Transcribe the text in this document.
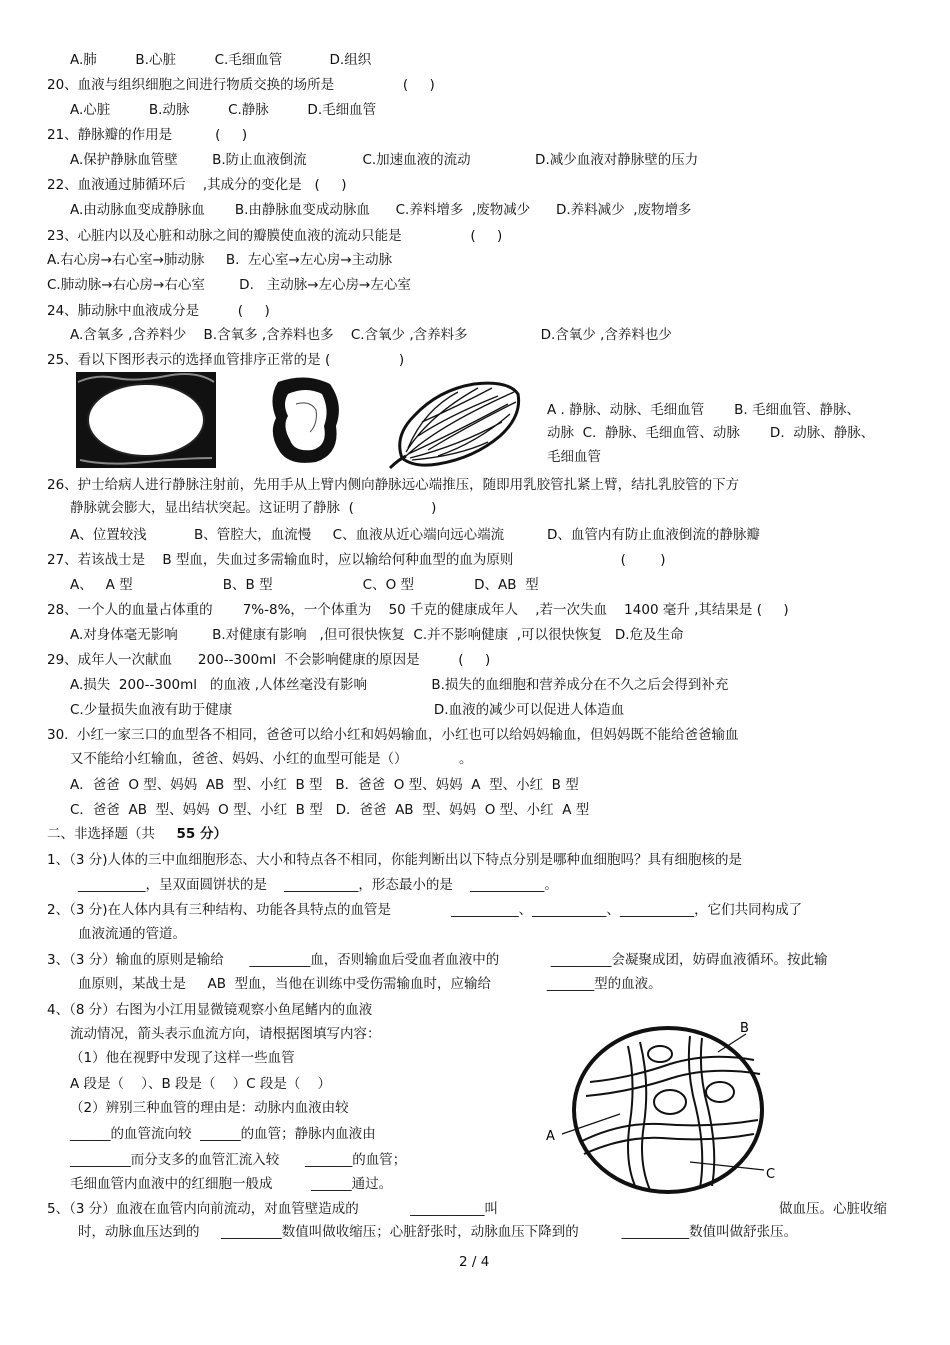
A.肺         B.心脏         C.毛细血管           D.组织
20、血液与组织细胞之间进行物质交换的场所是                (     )
A.心脏         B.动脉         C.静脉         D.毛细血管
21、静脉瓣的作用是          (     )
A.保护静脉血管壁        B.防止血液倒流             C.加速血液的流动               D.减少血液对静脉壁的压力
22、血液通过肺循环后    ,其成分的变化是   (     )
A.由动脉血变成静脉血       B.由静脉血变成动脉血      C.养料增多  ,废物减少      D.养料减少  ,废物增多
23、心脏内以及心脏和动脉之间的瓣膜使血液的流动只能是                (     )
A.右心房→右心室→肺动脉     B.  左心室→左心房→主动脉
C.肺动脉→右心房→右心室        D.   主动脉→左心房→左心室
24、肺动脉中血液成分是         (     )
A.含氧多 ,含养料少    B.含氧多 ,含养料也多    C.含氧少 ,含养料多                 D.含氧少 ,含养料也少
25、看以下图形表示的选择血管排序正常的是 (                )
A . 静脉、动脉、毛细血管       B. 毛细血管、静脉、
动脉  C.  静脉、毛细血管、动脉       D.  动脉、静脉、
毛细血管
26、护士给病人进行静脉注射前，先用手从上臂内侧向静脉远心端推压，随即用乳胶管扎紧上臂，结扎乳胶管的下方
静脉就会膨大，显出结状突起。这证明了静脉  (                  )
A、位置较浅           B、管腔大，血流慢     C、血液从近心端向远心端流          D、血管内有防止血液倒流的静脉瓣
27、若该战士是    B 型血，失血过多需输血时，应以输给何种血型的血为原则                         (        )
A、   A 型                     B、B 型                     C、O 型              D、AB  型
28、一个人的血量占体重的       7%-8%，一个体重为    50 千克的健康成年人    ,若一次失血    1400 毫升 ,其结果是 (     )
A.对身体毫无影响        B.对健康有影响   ,但可很快恢复  C.并不影响健康  ,可以很快恢复   D.危及生命
29、成年人一次献血      200--300ml  不会影响健康的原因是         (     )
A.损失  200--300ml   的血液 ,人体丝毫没有影响               B.损失的血细胞和营养成分在不久之后会得到补充
C.少量损失血液有助于健康                                               D.血液的减少可以促进人体造血
30.  小红一家三口的血型各不相同，爸爸可以给小红和妈妈输血，小红也可以给妈妈输血，但妈妈既不能给爸爸输血
又不能给小红输血，爸爸、妈妈、小红的血型可能是（）            。
A．爸爸  O 型、妈妈  AB  型、小红  B 型   B．爸爸  O 型、妈妈  A  型、小红  B 型
C．爸爸  AB  型、妈妈  O 型、小红  B 型   D．爸爸  AB  型、妈妈  O 型、小红  A 型
二、非选择题（共     55 分）
1、（3 分)人体的三中血细胞形态、大小和特点各不相同，你能判断出以下特点分别是哪种血细胞吗？具有细胞核的是
__________，呈双面圆饼状的是    ___________，形态最小的是    ___________。
2、（3 分)在人体内具有三种结构、功能各具特点的血管是              __________、___________、___________，它们共同构成了
血液流通的管道。
3、（3 分）输血的原则是输给      _________血，否则输血后受血者血液中的            _________会凝聚成团，妨碍血液循环。按此输
血原则，某战士是     AB  型血，当他在训练中受伤需输血时，应输给             _______型的血液。
4、（8 分）右图为小江用显微镜观察小鱼尾鳍内的血液
流动情况，箭头表示血流方向，请根据图填写内容：
（1）他在视野中发现了这样一些血管
A 段是（    ）、B 段是（    ）C 段是（    ）
（2）辨别三种血管的理由是：动脉内血液由较
______的血管流向较  ______的血管；静脉内血液由
_________而分支多的血管汇流入较      _______的血管；
毛细血管内血液中的红细胞一般成         ______通过。
5、（3 分）血液在血管内向前流动，对血管壁造成的            ___________叫	做血压。心脏收缩
时，动脉血压达到的     _________数值叫做收缩压；心脏舒张时，动脉血压下降到的          __________数值叫做舒张压。
2 / 4
A
B
C
